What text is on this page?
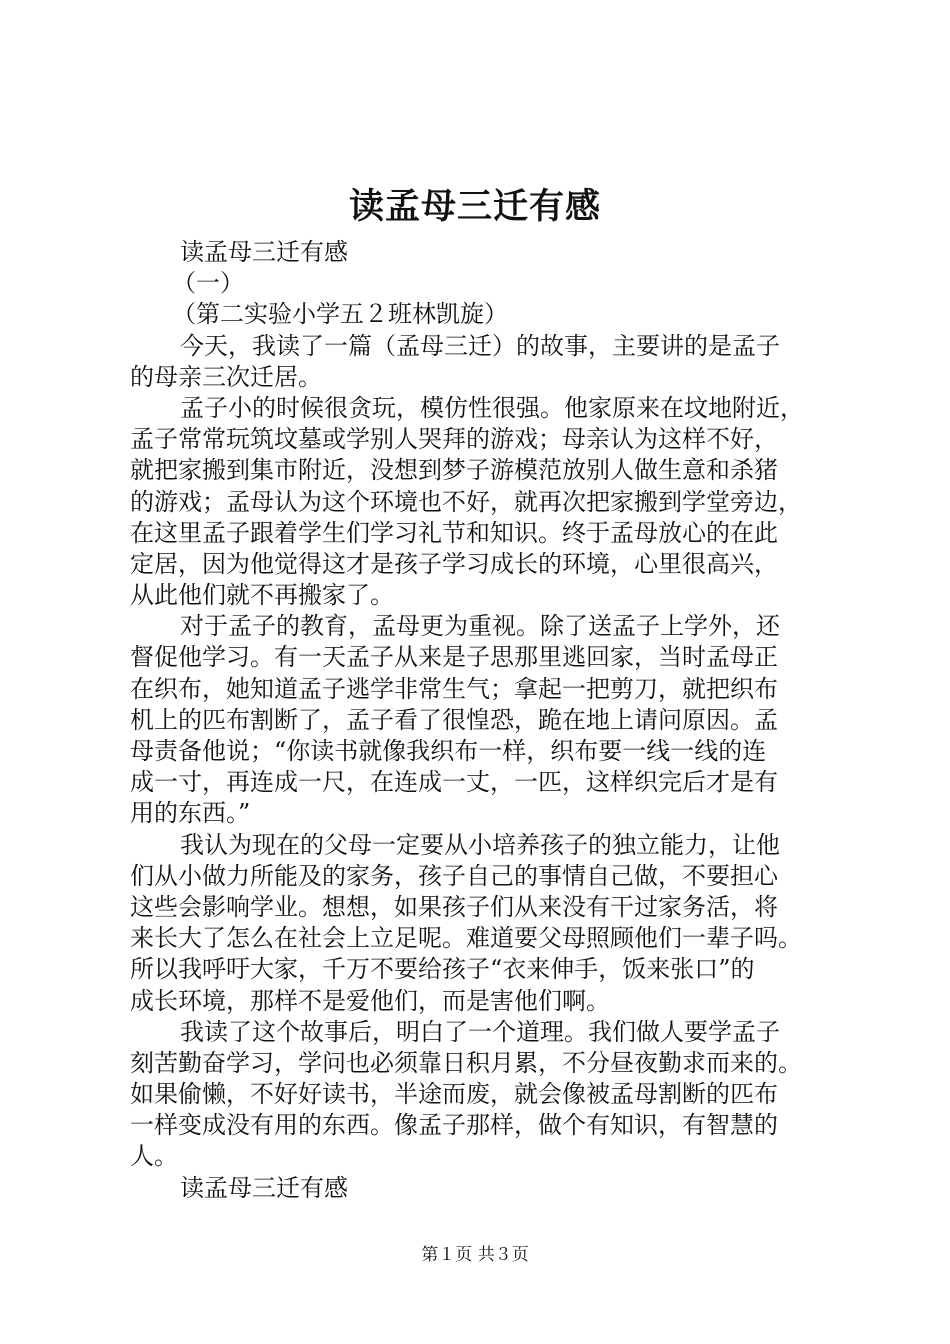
读孟母三迁有感
读孟母三迁有感
（一）
（第二实验小学五２班林凯旋）
今天，我读了一篇（孟母三迁）的故事，主要讲的是孟子
的母亲三次迁居。
孟子小的时候很贪玩，模仿性很强。他家原来在坟地附近，
孟子常常玩筑坟墓或学别人哭拜的游戏；母亲认为这样不好，
就把家搬到集市附近，没想到梦子游模范放别人做生意和杀猪
的游戏；孟母认为这个环境也不好，就再次把家搬到学堂旁边，
在这里孟子跟着学生们学习礼节和知识。终于孟母放心的在此
定居，因为他觉得这才是孩子学习成长的环境，心里很高兴，
从此他们就不再搬家了。
对于孟子的教育，孟母更为重视。除了送孟子上学外，还
督促他学习。有一天孟子从来是子思那里逃回家，当时孟母正
在织布，她知道孟子逃学非常生气；拿起一把剪刀，就把织布
机上的匹布割断了，孟子看了很惶恐，跪在地上请问原因。孟
母责备他说；“你读书就像我织布一样，织布要一线一线的连
成一寸，再连成一尺，在连成一丈，一匹，这样织完后才是有
用的东西。”
我认为现在的父母一定要从小培养孩子的独立能力，让他
们从小做力所能及的家务，孩子自己的事情自己做，不要担心
这些会影响学业。想想，如果孩子们从来没有干过家务活，将
来长大了怎么在社会上立足呢。难道要父母照顾他们一辈子吗。
所以我呼吁大家，千万不要给孩子“衣来伸手，饭来张口”的
成长环境，那样不是爱他们，而是害他们啊。
我读了这个故事后，明白了一个道理。我们做人要学孟子
刻苦勤奋学习，学问也必须靠日积月累，不分昼夜勤求而来的。
如果偷懒，不好好读书，半途而废，就会像被孟母割断的匹布
一样变成没有用的东西。像孟子那样，做个有知识，有智慧的
人。
读孟母三迁有感
第１页 共３页
